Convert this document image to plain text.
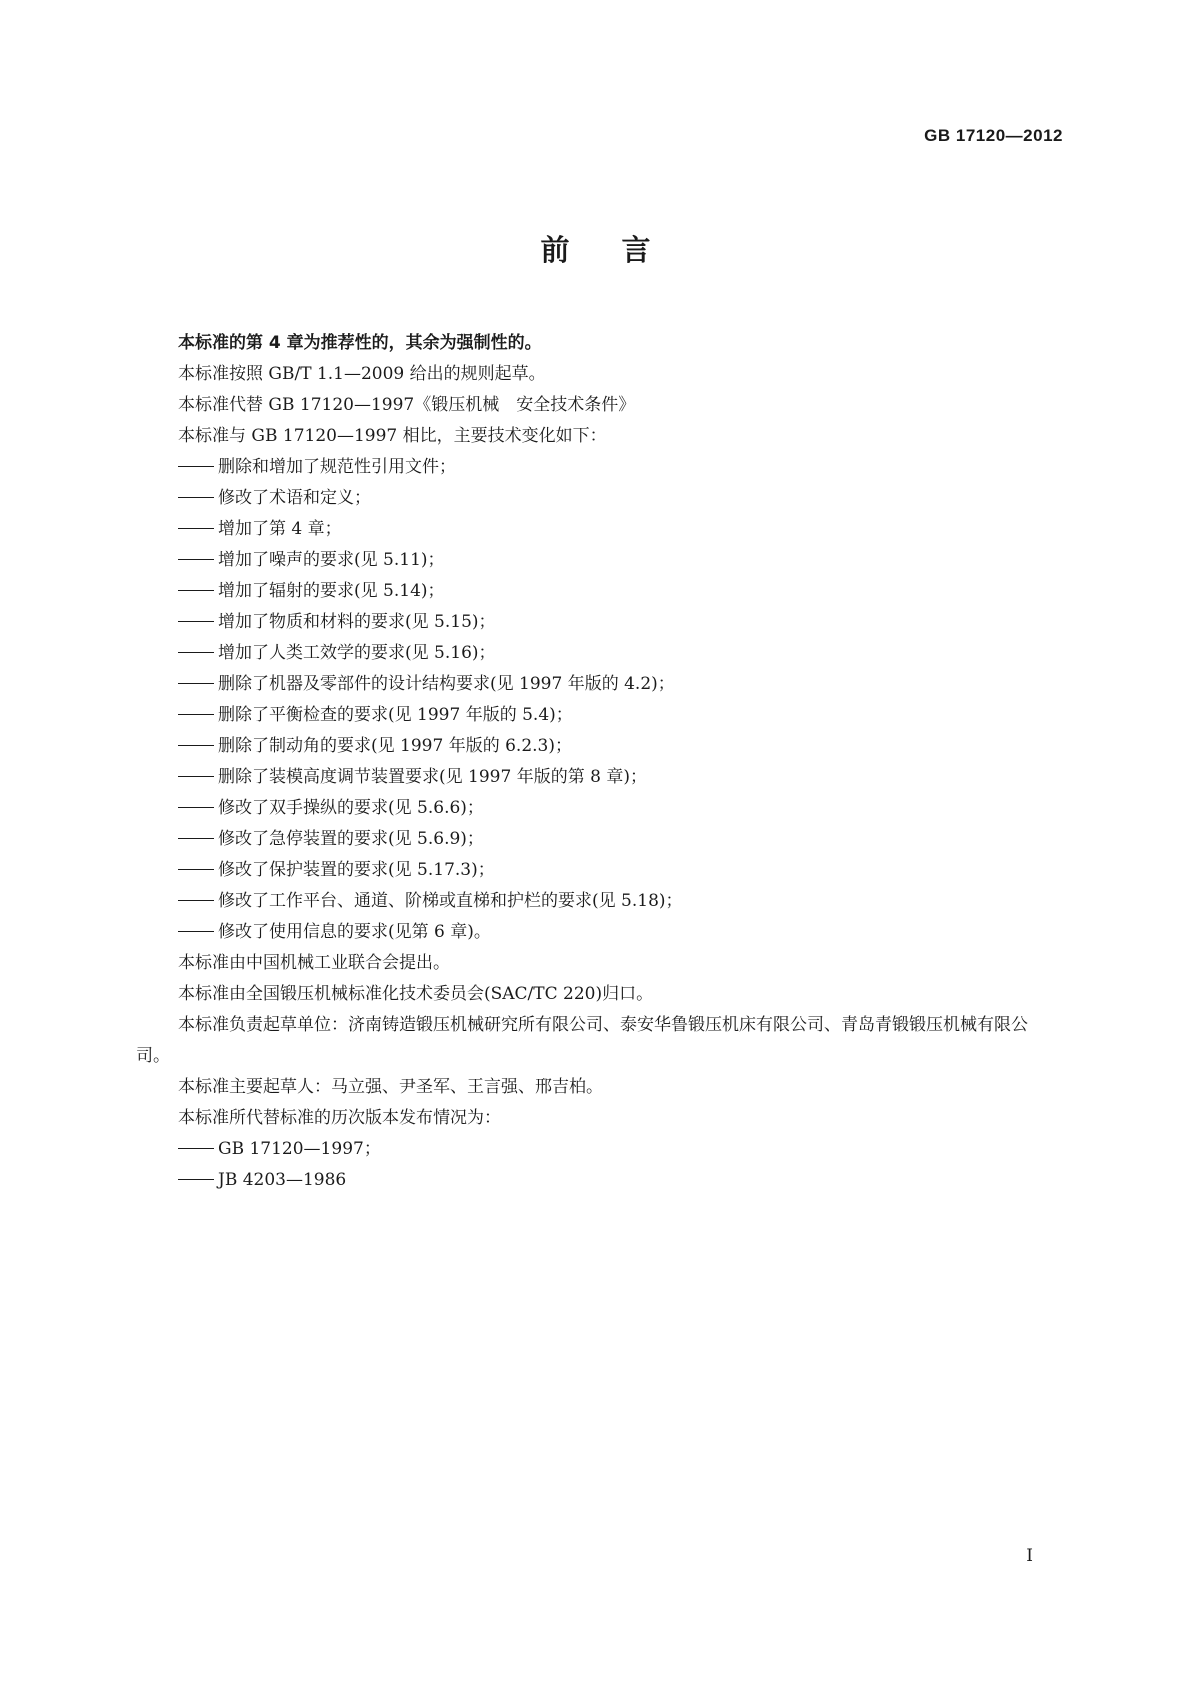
GB 17120—2012
前言

本标准的第 4 章为推荐性的，其余为强制性的。

本标准按照 GB/T 1.1—2009 给出的规则起草。

本标准代替 GB 17120—1997《锻压机械　安全技术条件》

本标准与 GB 17120—1997 相比，主要技术变化如下：

删除和增加了规范性引用文件；

修改了术语和定义；

增加了第 4 章；

增加了噪声的要求(见 5.11)；

增加了辐射的要求(见 5.14)；

增加了物质和材料的要求(见 5.15)；

增加了人类工效学的要求(见 5.16)；

删除了机器及零部件的设计结构要求(见 1997 年版的 4.2)；

删除了平衡检查的要求(见 1997 年版的 5.4)；

删除了制动角的要求(见 1997 年版的 6.2.3)；

删除了装模高度调节装置要求(见 1997 年版的第 8 章)；

修改了双手操纵的要求(见 5.6.6)；

修改了急停装置的要求(见 5.6.9)；

修改了保护装置的要求(见 5.17.3)；

修改了工作平台、通道、阶梯或直梯和护栏的要求(见 5.18)；

修改了使用信息的要求(见第 6 章)。

本标准由中国机械工业联合会提出。

本标准由全国锻压机械标准化技术委员会(SAC/TC 220)归口。

本标准负责起草单位：济南铸造锻压机械研究所有限公司、泰安华鲁锻压机床有限公司、青岛青锻锻压机械有限公司。

本标准主要起草人：马立强、尹圣军、王言强、邢吉柏。

本标准所代替标准的历次版本发布情况为：

GB 17120—1997；

JB 4203—1986

I
